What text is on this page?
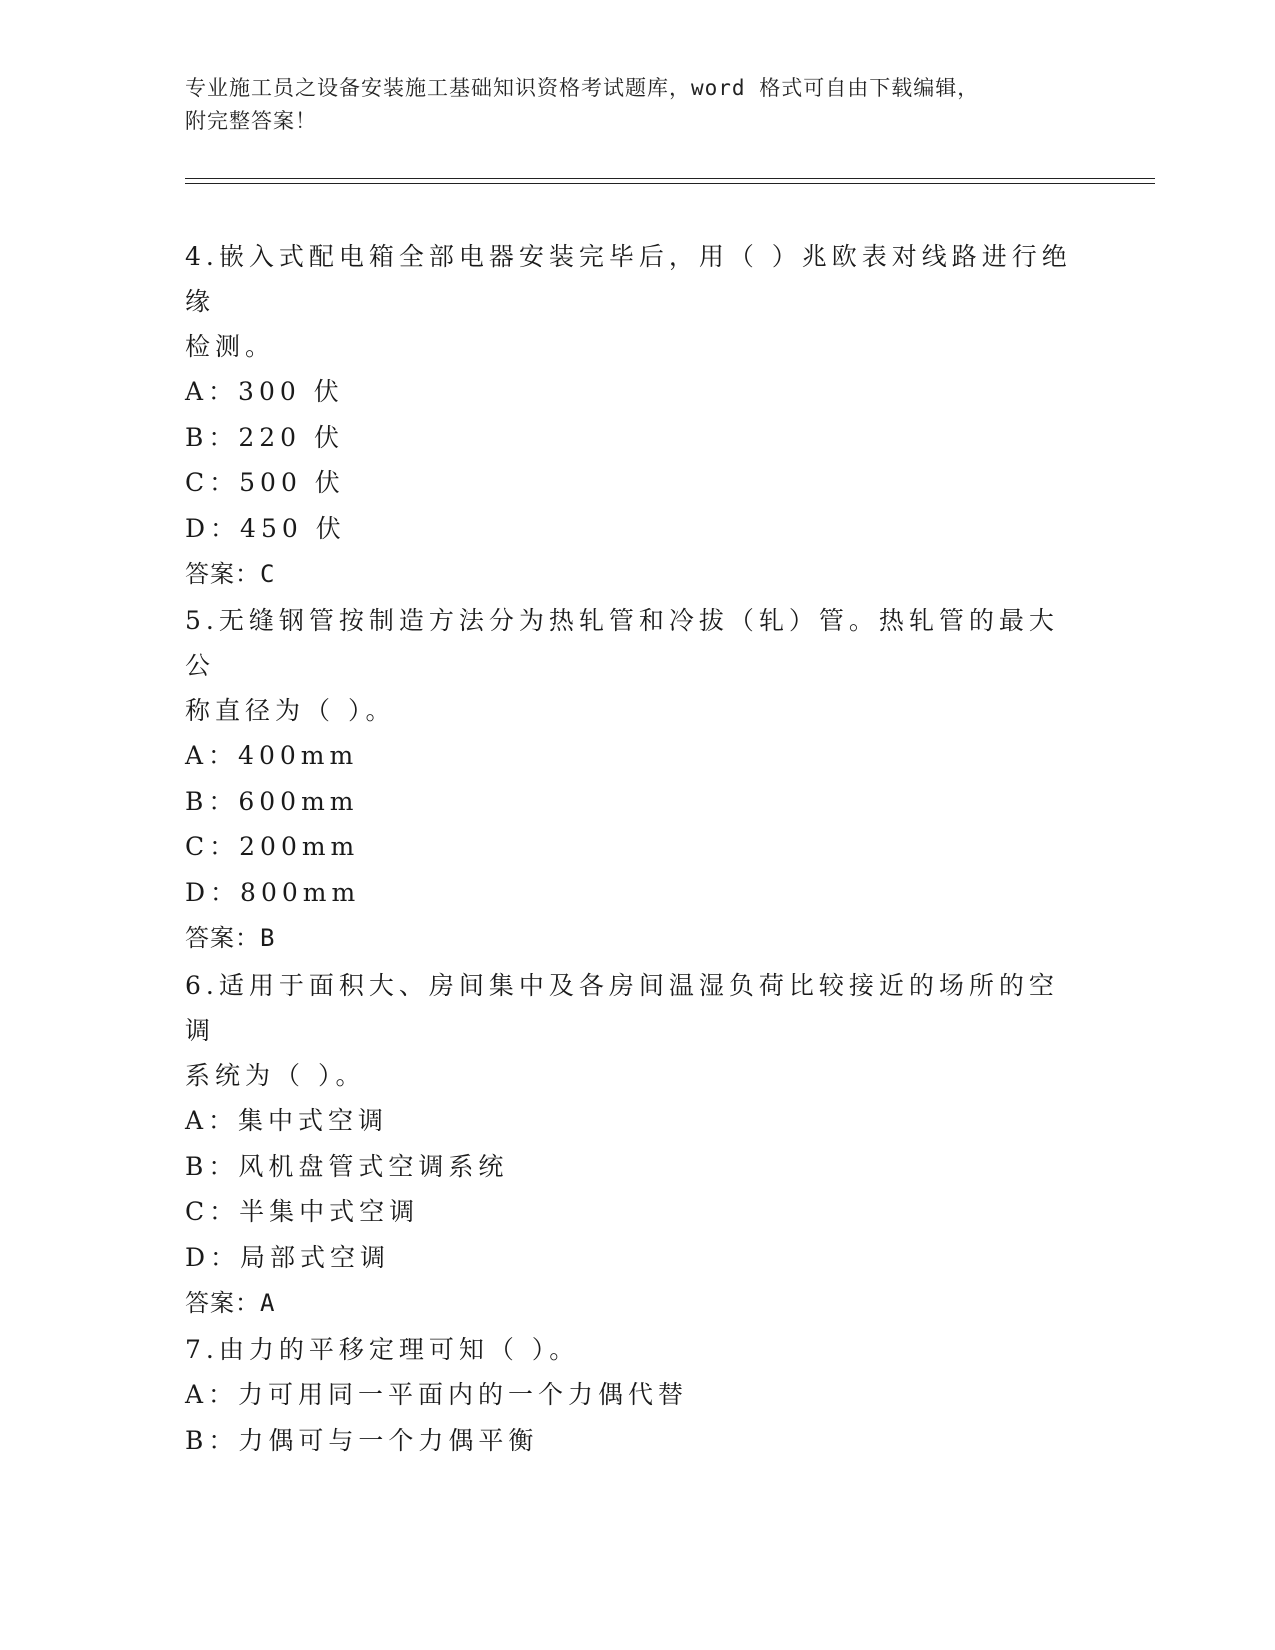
专业施工员之设备安装施工基础知识资格考试题库，word 格式可自由下载编辑，
附完整答案！
4.嵌入式配电箱全部电器安装完毕后，用（ ）兆欧表对线路进行绝缘
检测。
A：300 伏
B：220 伏
C：500 伏
D：450 伏
答案：C
5.无缝钢管按制造方法分为热轧管和冷拔（轧）管。热轧管的最大公
称直径为（ ）。
A：400mm
B：600mm
C：200mm
D：800mm
答案：B
6.适用于面积大、房间集中及各房间温湿负荷比较接近的场所的空调
系统为（ ）。
A：集中式空调
B：风机盘管式空调系统
C：半集中式空调
D：局部式空调
答案：A
7.由力的平移定理可知（ ）。
A：力可用同一平面内的一个力偶代替
B：力偶可与一个力偶平衡
